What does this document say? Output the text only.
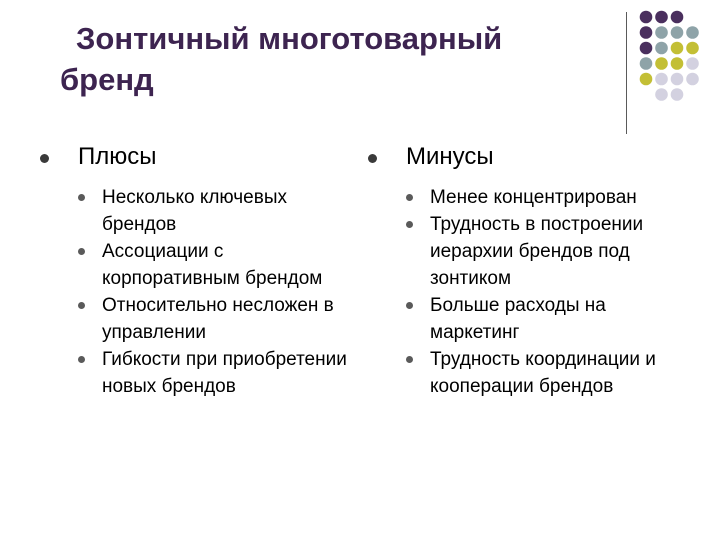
Зонтичный многотоварный
бренд
Плюсы
Несколько ключевых брендов
Ассоциации с корпоративным брендом
Относительно несложен в управлении
Гибкости при приобретении новых брендов
Минусы
Менее концентрирован
Трудность в построении иерархии брендов под зонтиком
Больше расходы на маркетинг
Трудность координации и кооперации брендов
